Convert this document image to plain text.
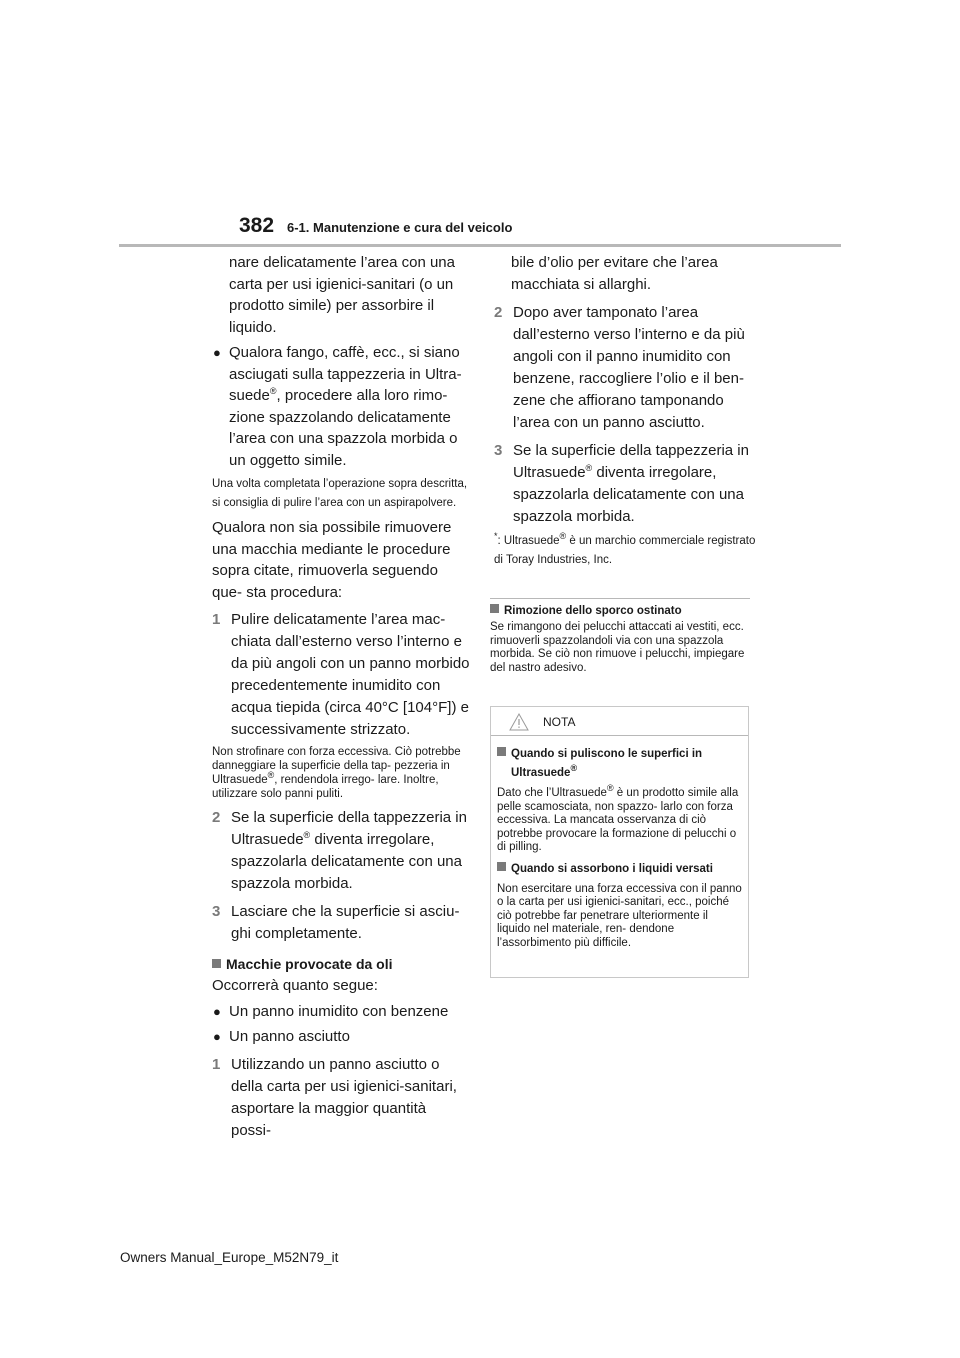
382 6-1. Manutenzione e cura del veicolo

nare delicatamente l’area con una carta per usi igienici-sanitari (o un prodotto simile) per assorbire il liquido.

● Qualora fango, caffè, ecc., si siano asciugati sulla tappezzeria in Ultra- suede®, procedere alla loro rimo- zione spazzolando delicatamente l’area con una spazzola morbida o un oggetto simile.

Una volta completata l’operazione sopra descritta, si consiglia di pulire l’area con un aspirapolvere.

Qualora non sia possibile rimuovere una macchia mediante le procedure sopra citate, rimuoverla seguendo que- sta procedura:

1 Pulire delicatamente l’area mac- chiata dall’esterno verso l’interno e da più angoli con un panno morbido precedentemente inumidito con acqua tiepida (circa 40°C [104°F]) e successivamente strizzato.

Non strofinare con forza eccessiva. Ciò potrebbe danneggiare la superficie della tap- pezzeria in Ultrasuede®, rendendola irrego- lare. Inoltre, utilizzare solo panni puliti.

2 Se la superficie della tappezzeria in Ultrasuede® diventa irregolare, spazzolarla delicatamente con una spazzola morbida.
3 Lasciare che la superficie si asciu- ghi completamente.
Macchie provocate da oli

Occorrerà quanto segue:

● Un panno inumidito con benzene
● Un panno asciutto
1 Utilizzando un panno asciutto o della carta per usi igienici-sanitari, asportare la maggior quantità possi-

bile d’olio per evitare che l’area macchiata si allarghi.

2 Dopo aver tamponato l’area dall’esterno verso l’interno e da più angoli con il panno inumidito con benzene, raccogliere l’olio e il ben- zene che affiorano tamponando l’area con un panno asciutto.
3 Se la superficie della tappezzeria in Ultrasuede® diventa irregolare, spazzolarla delicatamente con una spazzola morbida.

*: Ultrasuede® è un marchio commerciale registrato di Toray Industries, Inc.

Rimozione dello sporco ostinato

Se rimangono dei pelucchi attaccati ai vestiti, ecc. rimuoverli spazzolandoli via con una spazzola morbida. Se ciò non rimuove i pelucchi, impiegare del nastro adesivo.

NOTA
Quando si puliscono le superfici in
Ultrasuede®

Dato che l’Ultrasuede® è un prodotto simile alla pelle scamosciata, non spazzo- larlo con forza eccessiva. La mancata osservanza di ciò potrebbe provocare la formazione di pelucchi o di pilling.

Quando si assorbono i liquidi versati

Non esercitare una forza eccessiva con il panno o la carta per usi igienici-sanitari, ecc., poiché ciò potrebbe far penetrare ulteriormente il liquido nel materiale, ren- dendone l’assorbimento più difficile.

Owners Manual_Europe_M52N79_it
